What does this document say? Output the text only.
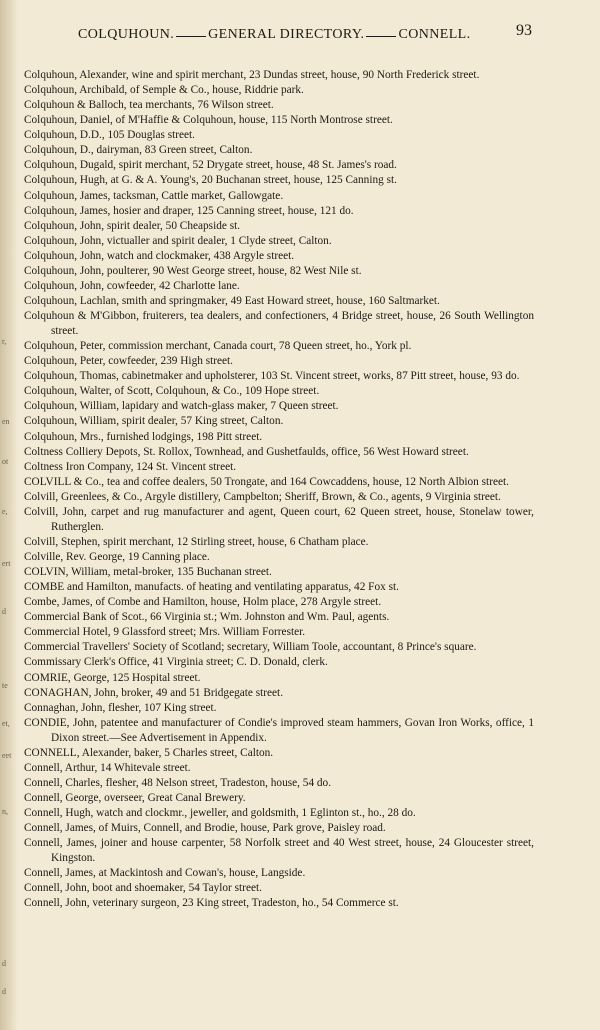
r,
en
ot
e,
ert
d
te
et,
eet
n,
d
d
COLQUHOUN. GENERAL DIRECTORY. CONNELL.	93
Colquhoun, Alexander, wine and spirit merchant, 23 Dundas street, house, 90 North Frederick street.
Colquhoun, Archibald, of Semple & Co., house, Riddrie park.
Colquhoun & Balloch, tea merchants, 76 Wilson street.
Colquhoun, Daniel, of M'Haffie & Colquhoun, house, 115 North Montrose street.
Colquhoun, D.D., 105 Douglas street.
Colquhoun, D., dairyman, 83 Green street, Calton.
Colquhoun, Dugald, spirit merchant, 52 Drygate street, house, 48 St. James's road.
Colquhoun, Hugh, at G. & A. Young's, 20 Buchanan street, house, 125 Canning st.
Colquhoun, James, tacksman, Cattle market, Gallowgate.
Colquhoun, James, hosier and draper, 125 Canning street, house, 121 do.
Colquhoun, John, spirit dealer, 50 Cheapside st.
Colquhoun, John, victualler and spirit dealer, 1 Clyde street, Calton.
Colquhoun, John, watch and clockmaker, 438 Argyle street.
Colquhoun, John, poulterer, 90 West George street, house, 82 West Nile st.
Colquhoun, John, cowfeeder, 42 Charlotte lane.
Colquhoun, Lachlan, smith and springmaker, 49 East Howard street, house, 160 Saltmarket.
Colquhoun & M'Gibbon, fruiterers, tea dealers, and confectioners, 4 Bridge street, house, 26 South Wellington street.
Colquhoun, Peter, commission merchant, Canada court, 78 Queen street, ho., York pl.
Colquhoun, Peter, cowfeeder, 239 High street.
Colquhoun, Thomas, cabinetmaker and upholsterer, 103 St. Vincent street, works, 87 Pitt street, house, 93 do.
Colquhoun, Walter, of Scott, Colquhoun, & Co., 109 Hope street.
Colquhoun, William, lapidary and watch-glass maker, 7 Queen street.
Colquhoun, William, spirit dealer, 57 King street, Calton.
Colquhoun, Mrs., furnished lodgings, 198 Pitt street.
Coltness Colliery Depots, St. Rollox, Townhead, and Gushetfaulds, office, 56 West Howard street.
Coltness Iron Company, 124 St. Vincent street.
COLVILL & Co., tea and coffee dealers, 50 Trongate, and 164 Cowcaddens, house, 12 North Albion street.
Colvill, Greenlees, & Co., Argyle distillery, Campbelton; Sheriff, Brown, & Co., agents, 9 Virginia street.
Colvill, John, carpet and rug manufacturer and agent, Queen court, 62 Queen street, house, Stonelaw tower, Rutherglen.
Colvill, Stephen, spirit merchant, 12 Stirling street, house, 6 Chatham place.
Colville, Rev. George, 19 Canning place.
COLVIN, William, metal-broker, 135 Buchanan street.
COMBE and Hamilton, manufacts. of heating and ventilating apparatus, 42 Fox st.
Combe, James, of Combe and Hamilton, house, Holm place, 278 Argyle street.
Commercial Bank of Scot., 66 Virginia st.; Wm. Johnston and Wm. Paul, agents.
Commercial Hotel, 9 Glassford street; Mrs. William Forrester.
Commercial Travellers' Society of Scotland; secretary, William Toole, accountant, 8 Prince's square.
Commissary Clerk's Office, 41 Virginia street; C. D. Donald, clerk.
COMRIE, George, 125 Hospital street.
CONAGHAN, John, broker, 49 and 51 Bridgegate street.
Connaghan, John, flesher, 107 King street.
CONDIE, John, patentee and manufacturer of Condie's improved steam hammers, Govan Iron Works, office, 1 Dixon street.—See Advertisement in Appendix.
CONNELL, Alexander, baker, 5 Charles street, Calton.
Connell, Arthur, 14 Whitevale street.
Connell, Charles, flesher, 48 Nelson street, Tradeston, house, 54 do.
Connell, George, overseer, Great Canal Brewery.
Connell, Hugh, watch and clockmr., jeweller, and goldsmith, 1 Eglinton st., ho., 28 do.
Connell, James, of Muirs, Connell, and Brodie, house, Park grove, Paisley road.
Connell, James, joiner and house carpenter, 58 Norfolk street and 40 West street, house, 24 Gloucester street, Kingston.
Connell, James, at Mackintosh and Cowan's, house, Langside.
Connell, John, boot and shoemaker, 54 Taylor street.
Connell, John, veterinary surgeon, 23 King street, Tradeston, ho., 54 Commerce st.
